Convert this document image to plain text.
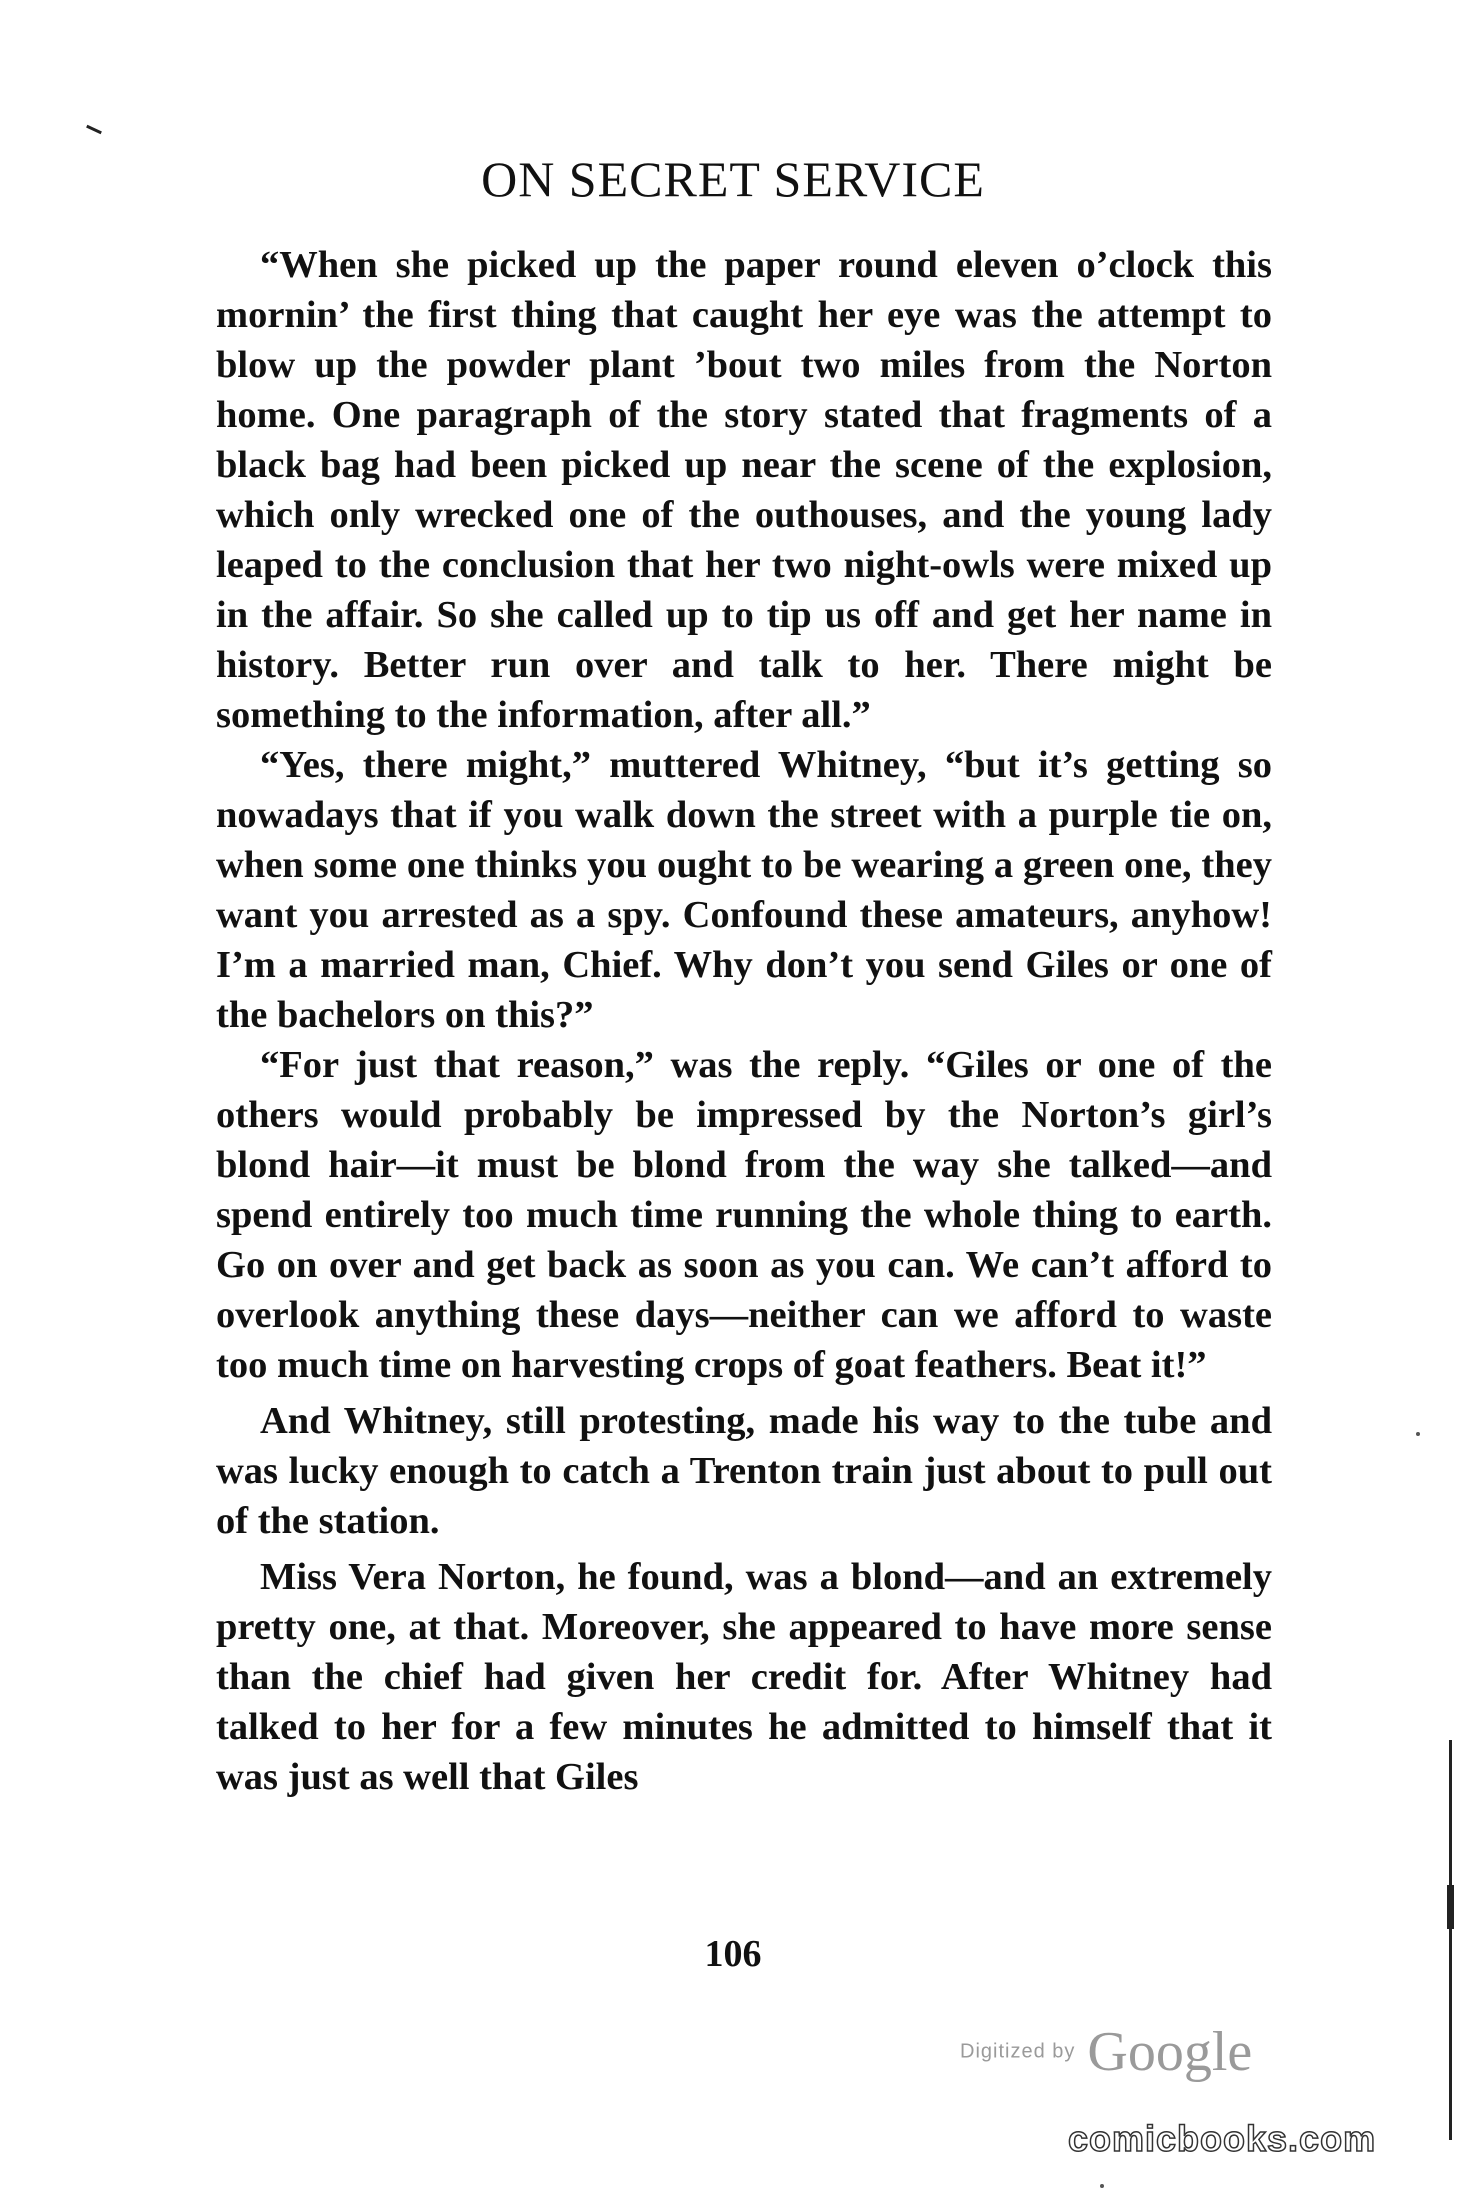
ON SECRET SERVICE

“When she picked up the paper round eleven o’clock this mornin’ the first thing that caught her eye was the attempt to blow up the powder plant ’bout two miles from the Norton home. One paragraph of the story stated that fragments of a black bag had been picked up near the scene of the explosion, which only wrecked one of the outhouses, and the young lady leaped to the conclusion that her two night-owls were mixed up in the affair. So she called up to tip us off and get her name in history. Better run over and talk to her. There might be something to the information, after all.”

“Yes, there might,” muttered Whitney, “but it’s getting so nowadays that if you walk down the street with a purple tie on, when some one thinks you ought to be wearing a green one, they want you arrested as a spy. Confound these amateurs, anyhow! I’m a married man, Chief. Why don’t you send Giles or one of the bachelors on this?”

“For just that reason,” was the reply. “Giles or one of the others would probably be impressed by the Norton’s girl’s blond hair—it must be blond from the way she talked—and spend entirely too much time running the whole thing to earth. Go on over and get back as soon as you can. We can’t afford to overlook anything these days—neither can we afford to waste too much time on harvesting crops of goat feathers. Beat it!”

And Whitney, still protesting, made his way to the tube and was lucky enough to catch a Trenton train just about to pull out of the station.

Miss Vera Norton, he found, was a blond—and an extremely pretty one, at that. Moreover, she appeared to have more sense than the chief had given her credit for. After Whitney had talked to her for a few minutes he admitted to himself that it was just as well that Giles

106
Digitized by Google
comicbooks.com
